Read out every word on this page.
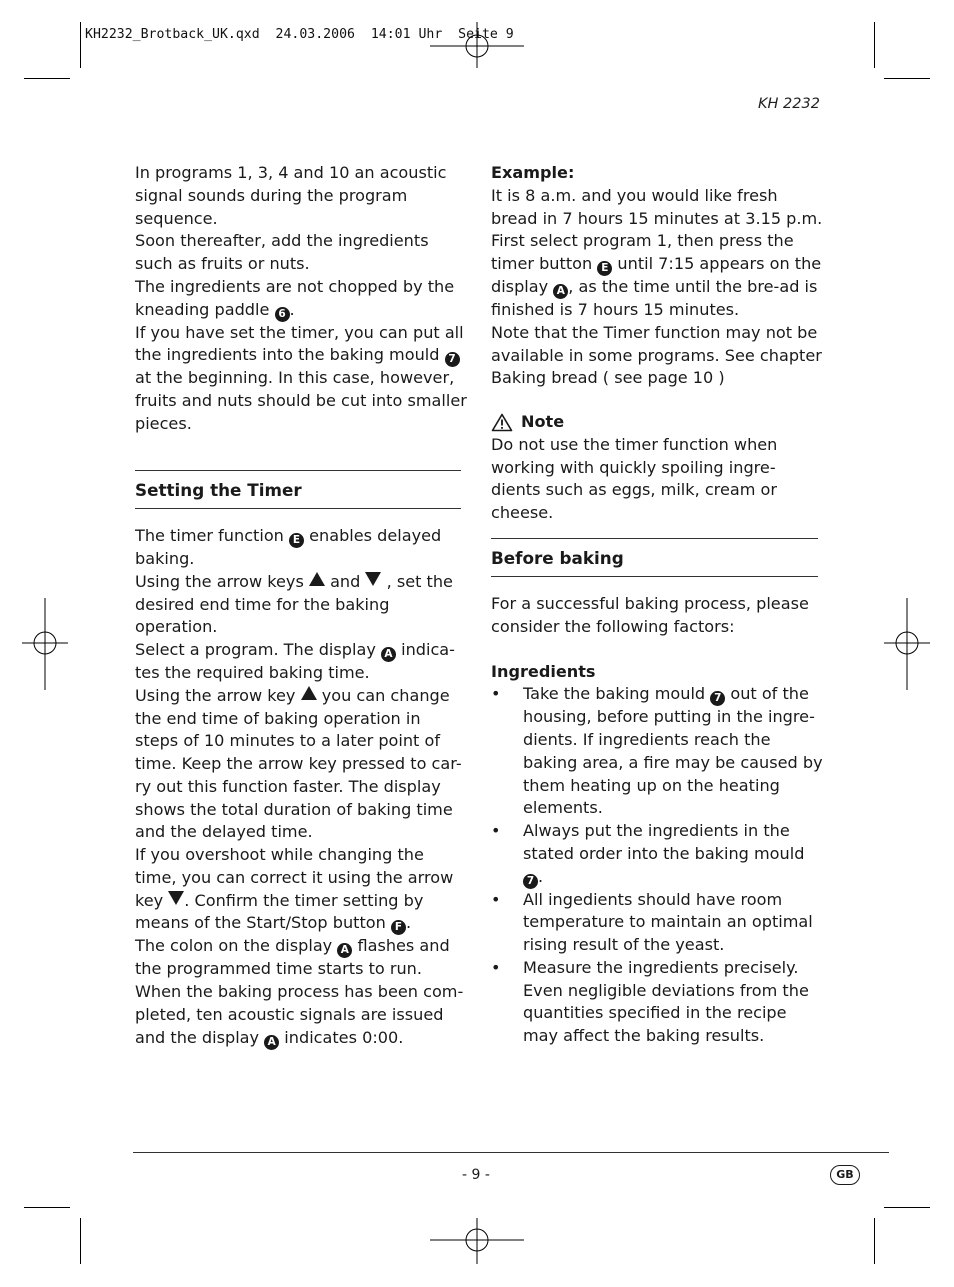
KH2232_Brotback_UK.qxd  24.03.2006  14:01 Uhr  Seite 9
KH 2232

In programs 1, 3, 4 and 10 an acoustic signal sounds during the program sequence.

Soon thereafter, add the ingredients such as fruits or nuts.

The ingredients are not chopped by the kneading paddle 6 .

If you have set the timer, you can put all the ingredients into the baking mould 7 at the beginning. In this case, however, fruits and nuts should be cut into smaller pieces.

Setting the Timer

The timer function E enables delayed baking.

Using the arrow keys  and  , set the desired end time for the baking operation.

Select a program. The display A indica-tes the required baking time.

Using the arrow key  you can change the end time of baking operation in steps of 10 minutes to a later point of time. Keep the arrow key pressed to car-ry out this function faster. The display shows the total duration of baking time and the delayed time.

If you overshoot while changing the time, you can correct it using the arrow key . Confirm the timer setting by means of the Start/Stop button F .

The colon on the display A flashes and the programmed time starts to run.

When the baking process has been com-pleted, ten acoustic signals are issued and the display A indicates 0:00.

Example:

It is 8 a.m. and you would like fresh bread in 7 hours 15 minutes at 3.15 p.m. First select program 1, then press the timer button E until 7:15 appears on the display A , as the time until the bre-ad is finished is 7 hours 15 minutes.

Note that the Timer function may not be available in some programs. See chapter Baking bread ( see page 10 )

Note

Do not use the timer function when working with quickly spoiling ingre-dients such as eggs, milk, cream or cheese.

Before baking

For a successful baking process, please consider the following factors:

Ingredients

• Take the baking mould 7 out of the housing, before putting in the ingre-dients. If ingredients reach the baking area, a fire may be caused by them heating up on the heating elements.
• Always put the ingredients in the stated order into the baking mould 7 .
• All ingedients should have room temperature to maintain an optimal rising result of the yeast.
• Measure the ingredients precisely. Even negligible deviations from the quantities specified in the recipe may affect the baking results.
- 9 -	GB
